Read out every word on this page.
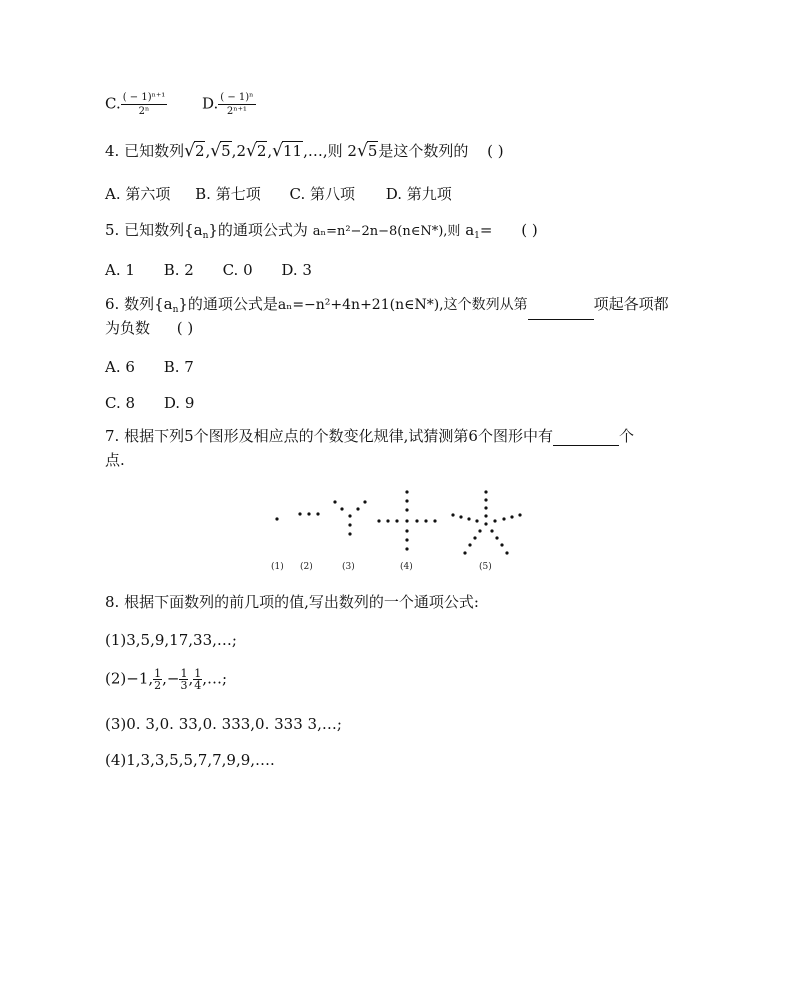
C. $\frac{\text{( − 1)ⁿ⁺¹}}{\text{2ⁿ}} D$. $\frac{\text{( − 1)ⁿ}}{\text{2ⁿ⁺¹}}$
4. 已知数列√2,√5,2√2,√11,…,则 2√5是这个数列的 ( )
A. 第六项 B. 第七项 C. 第八项 D. 第九项
5. 已知数列$\{a_n\}$的通项公式为 aₙ=n²−2n−8(n∈N*),则 $a_1=$ ( )
A. 1 B. 2 C. 0 D. 3
6. 数列$\{a_n\}$的通项公式是aₙ=−n²+4n+21(n∈N*),这个数列从第	项起各项都
为负数 ( )
A. 6 B. 7
C. 8 D. 9
7. 根据下列5个图形及相应点的个数变化规律,试猜测第6个图形中有	个
点.
(1) (2)	(3)	(4)	(5)
8. 根据下面数列的前几项的值,写出数列的一个通项公式:
(1)3,5,9,17,33,…;
(2)−1, $\frac{1}{2}$ ,− $\frac{1}{3}$ , $\frac{1}{4}$ ,…;
(3)0. 3,0. 33,0. 333,0. 333 3,…;
(4)1,3,3,5,5,7,7,9,9,….
